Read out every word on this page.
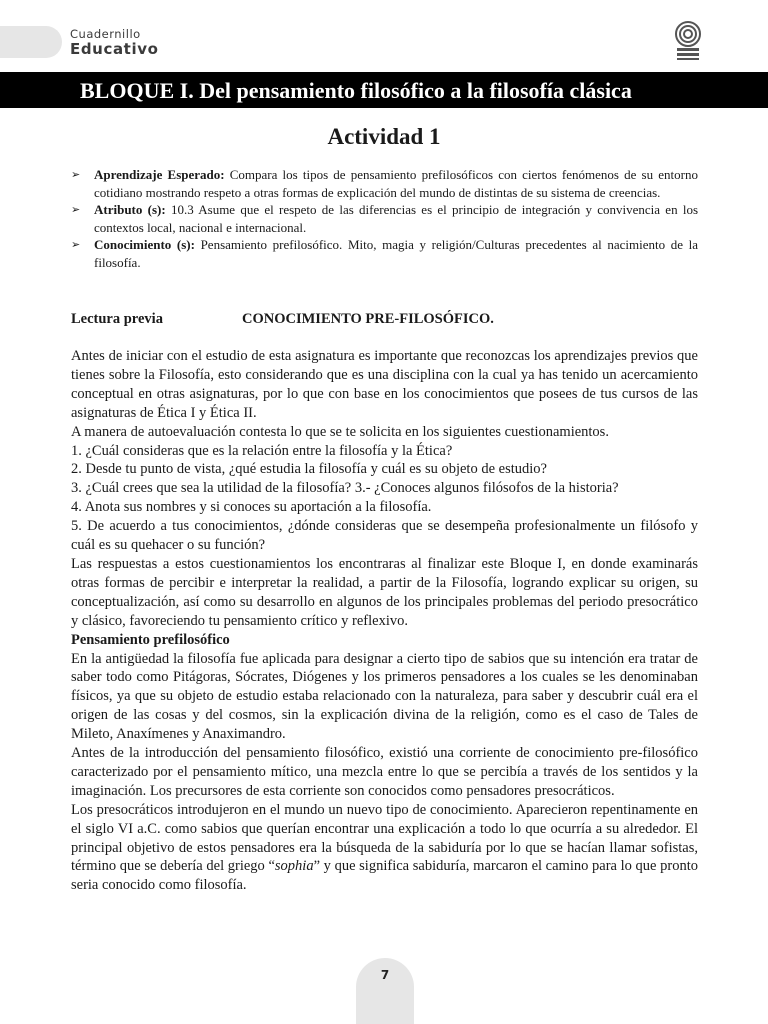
Cuadernillo
Educativo
BLOQUE I. Del pensamiento filosófico a la filosofía clásica
Actividad 1
➢ Aprendizaje Esperado: Compara los tipos de pensamiento prefilosóficos con ciertos fenómenos de su entorno cotidiano mostrando respeto a otras formas de explicación del mundo de distintas de su sistema de creencias.
➢ Atributo (s): 10.3 Asume que el respeto de las diferencias es el principio de integración y convivencia en los contextos local, nacional e internacional.
➢ Conocimiento (s): Pensamiento prefilosófico. Mito, magia y religión/Culturas precedentes al nacimiento de la filosofía.
Lectura previa	CONOCIMIENTO PRE-FILOSÓFICO.

Antes de iniciar con el estudio de esta asignatura es importante que reconozcas los aprendizajes previos que tienes sobre la Filosofía, esto considerando que es una disciplina con la cual ya has tenido un acercamiento conceptual en otras asignaturas, por lo que con base en los conocimientos que posees de tus cursos de las asignaturas de Ética I y Ética II.

A manera de autoevaluación contesta lo que se te solicita en los siguientes cuestionamientos.

1. ¿Cuál consideras que es la relación entre la filosofía y la Ética?

2. Desde tu punto de vista, ¿qué estudia la filosofía y cuál es su objeto de estudio?

3. ¿Cuál crees que sea la utilidad de la filosofía? 3.- ¿Conoces algunos filósofos de la historia?

4. Anota sus nombres y si conoces su aportación a la filosofía.

5. De acuerdo a tus conocimientos, ¿dónde consideras que se desempeña profesionalmente un filósofo y cuál es su quehacer o su función?

Las respuestas a estos cuestionamientos los encontraras al finalizar este Bloque I, en donde examinarás otras formas de percibir e interpretar la realidad, a partir de la Filosofía, logrando explicar su origen, su conceptualización, así como su desarrollo en algunos de los principales problemas del periodo presocrático y clásico, favoreciendo tu pensamiento crítico y reflexivo.

Pensamiento prefilosófico

En la antigüedad la filosofía fue aplicada para designar a cierto tipo de sabios que su intención era tratar de saber todo como Pitágoras, Sócrates, Diógenes y los primeros pensadores a los cuales se les denominaban físicos, ya que su objeto de estudio estaba relacionado con la naturaleza, para saber y descubrir cuál era el origen de las cosas y del cosmos, sin la explicación divina de la religión, como es el caso de Tales de Mileto, Anaxímenes y Anaximandro.

Antes de la introducción del pensamiento filosófico, existió una corriente de conocimiento pre-filosófico caracterizado por el pensamiento mítico, una mezcla entre lo que se percibía a través de los sentidos y la imaginación. Los precursores de esta corriente son conocidos como pensadores presocráticos.

Los presocráticos introdujeron en el mundo un nuevo tipo de conocimiento. Aparecieron repentinamente en el siglo VI a.C. como sabios que querían encontrar una explicación a todo lo que ocurría a su alrededor. El principal objetivo de estos pensadores era la búsqueda de la sabiduría por lo que se hacían llamar sofistas, término que se debería del griego “sophia” y que significa sabiduría, marcaron el camino para lo que pronto seria conocido como filosofía.

7
